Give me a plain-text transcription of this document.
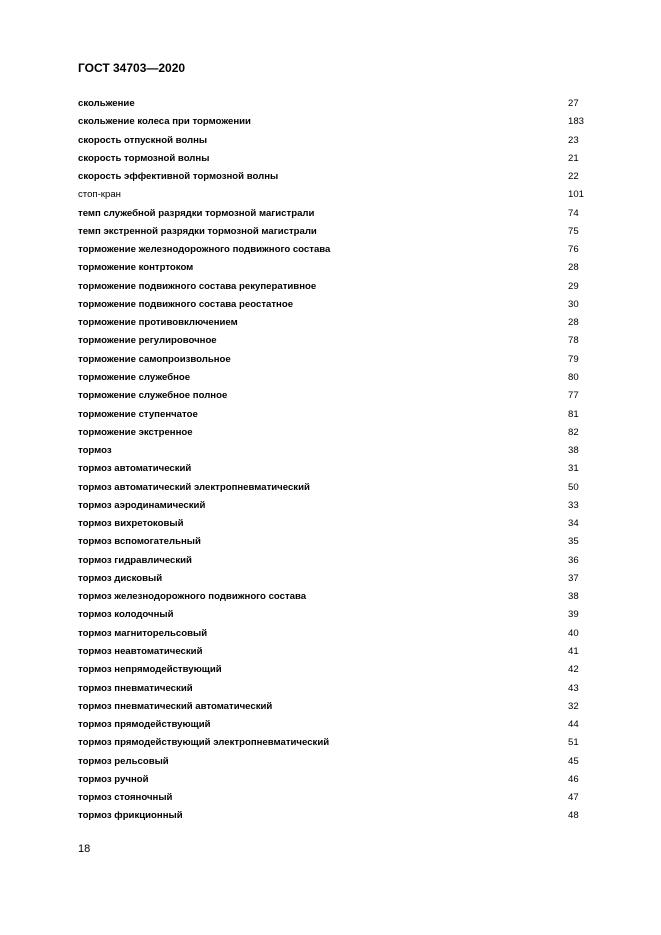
ГОСТ 34703—2020
скольжение	27
скольжение колеса при торможении	183
скорость отпускной волны	23
скорость тормозной волны	21
скорость эффективной тормозной волны	22
стоп-кран	101
темп служебной разрядки тормозной магистрали	74
темп экстренной разрядки тормозной магистрали	75
торможение железнодорожного подвижного состава	76
торможение контртоком	28
торможение подвижного состава рекуперативное	29
торможение подвижного состава реостатное	30
торможение противовключением	28
торможение регулировочное	78
торможение самопроизвольное	79
торможение служебное	80
торможение служебное полное	77
торможение ступенчатое	81
торможение экстренное	82
тормоз	38
тормоз автоматический	31
тормоз автоматический электропневматический	50
тормоз аэродинамический	33
тормоз вихретоковый	34
тормоз вспомогательный	35
тормоз гидравлический	36
тормоз дисковый	37
тормоз железнодорожного подвижного состава	38
тормоз колодочный	39
тормоз магниторельсовый	40
тормоз неавтоматический	41
тормоз непрямодействующий	42
тормоз пневматический	43
тормоз пневматический автоматический	32
тормоз прямодействующий	44
тормоз прямодействующий электропневматический	51
тормоз рельсовый	45
тормоз ручной	46
тормоз стояночный	47
тормоз фрикционный	48
18
